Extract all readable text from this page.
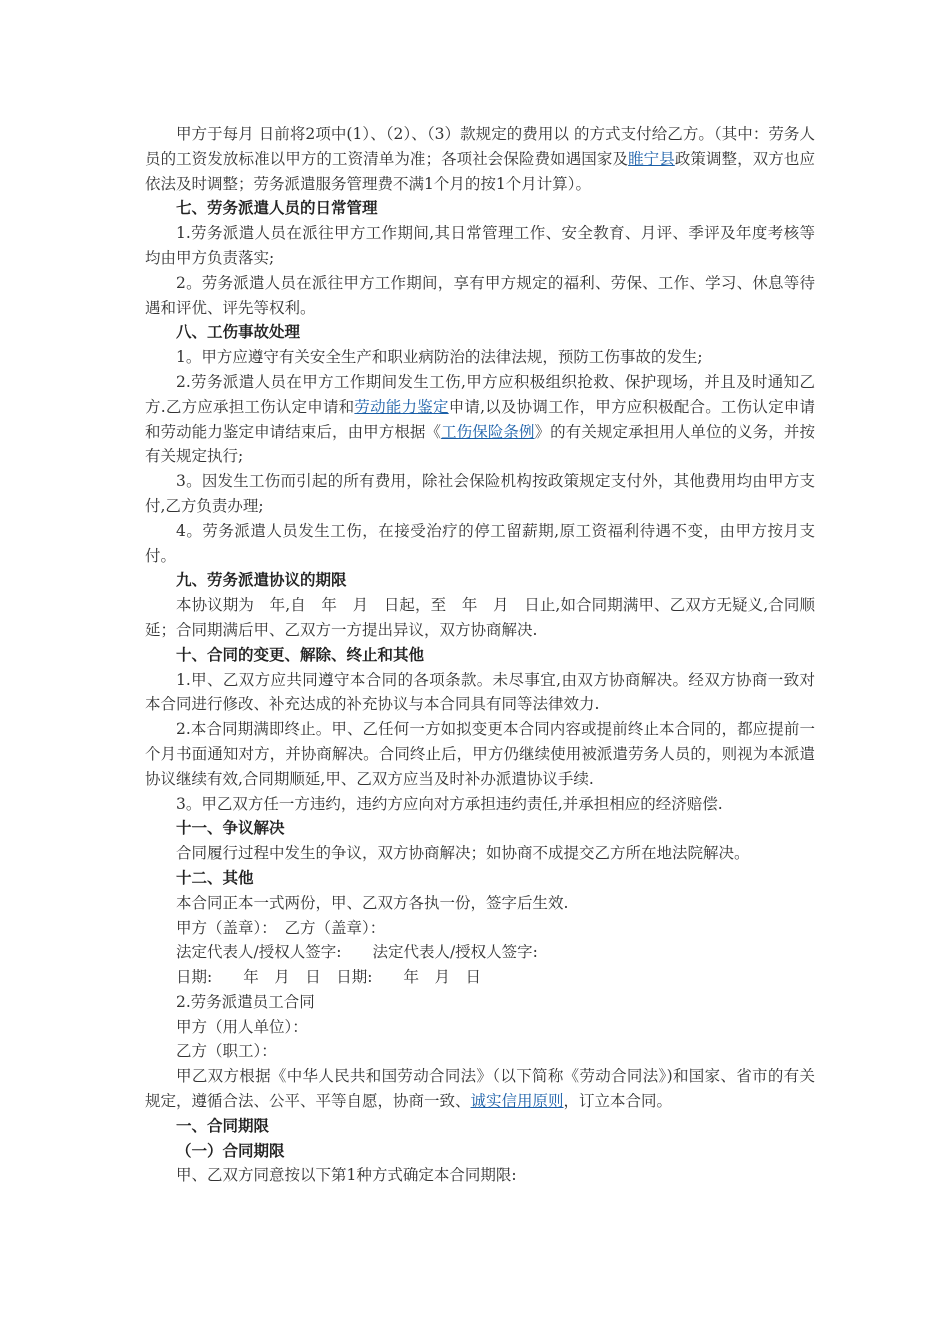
甲方于每月 日前将2项中(1）、（2）、（3）款规定的费用以 的方式支付给乙方。（其中：劳务人员的工资发放标准以甲方的工资清单为准；各项社会保险费如遇国家及睢宁县政策调整，双方也应依法及时调整；劳务派遣服务管理费不满1个月的按1个月计算）。

七、劳务派遣人员的日常管理

1.劳务派遣人员在派往甲方工作期间,其日常管理工作、安全教育、月评、季评及年度考核等均由甲方负责落实;

2。劳务派遣人员在派往甲方工作期间，享有甲方规定的福利、劳保、工作、学习、休息等待遇和评优、评先等权利。

八、工伤事故处理

1。甲方应遵守有关安全生产和职业病防治的法律法规，预防工伤事故的发生;

2.劳务派遣人员在甲方工作期间发生工伤,甲方应积极组织抢救、保护现场，并且及时通知乙方.乙方应承担工伤认定申请和劳动能力鉴定申请,以及协调工作，甲方应积极配合。工伤认定申请和劳动能力鉴定申请结束后，由甲方根据《工伤保险条例》的有关规定承担用人单位的义务，并按有关规定执行;

3。因发生工伤而引起的所有费用，除社会保险机构按政策规定支付外，其他费用均由甲方支付,乙方负责办理;

4。劳务派遣人员发生工伤，在接受治疗的停工留薪期,原工资福利待遇不变，由甲方按月支付。

九、劳务派遣协议的期限

本协议期为　年,自　年　月　日起，至　年　月　日止,如合同期满甲、乙双方无疑义,合同顺延；合同期满后甲、乙双方一方提出异议，双方协商解决.

十、合同的变更、解除、终止和其他

1.甲、乙双方应共同遵守本合同的各项条款。未尽事宜,由双方协商解决。经双方协商一致对本合同进行修改、补充达成的补充协议与本合同具有同等法律效力.

2.本合同期满即终止。甲、乙任何一方如拟变更本合同内容或提前终止本合同的，都应提前一个月书面通知对方，并协商解决。合同终止后，甲方仍继续使用被派遣劳务人员的，则视为本派遣协议继续有效,合同期顺延,甲、乙双方应当及时补办派遣协议手续.

3。甲乙双方任一方违约，违约方应向对方承担违约责任,并承担相应的经济赔偿.

十一、争议解决

合同履行过程中发生的争议，双方协商解决；如协商不成提交乙方所在地法院解决。

十二、其他

本合同正本一式两份，甲、乙双方各执一份，签字后生效.

甲方（盖章）：　乙方（盖章）：

法定代表人/授权人签字:　　法定代表人/授权人签字:

日期:　　年　月　日　日期:　　年　月　日

2.劳务派遣员工合同

甲方（用人单位）：

乙方（职工）：

甲乙双方根据《中华人民共和国劳动合同法》（以下简称《劳动合同法》)和国家、省市的有关规定，遵循合法、公平、平等自愿，协商一致、诚实信用原则，订立本合同。

一、合同期限

（一）合同期限

甲、乙双方同意按以下第1种方式确定本合同期限:
